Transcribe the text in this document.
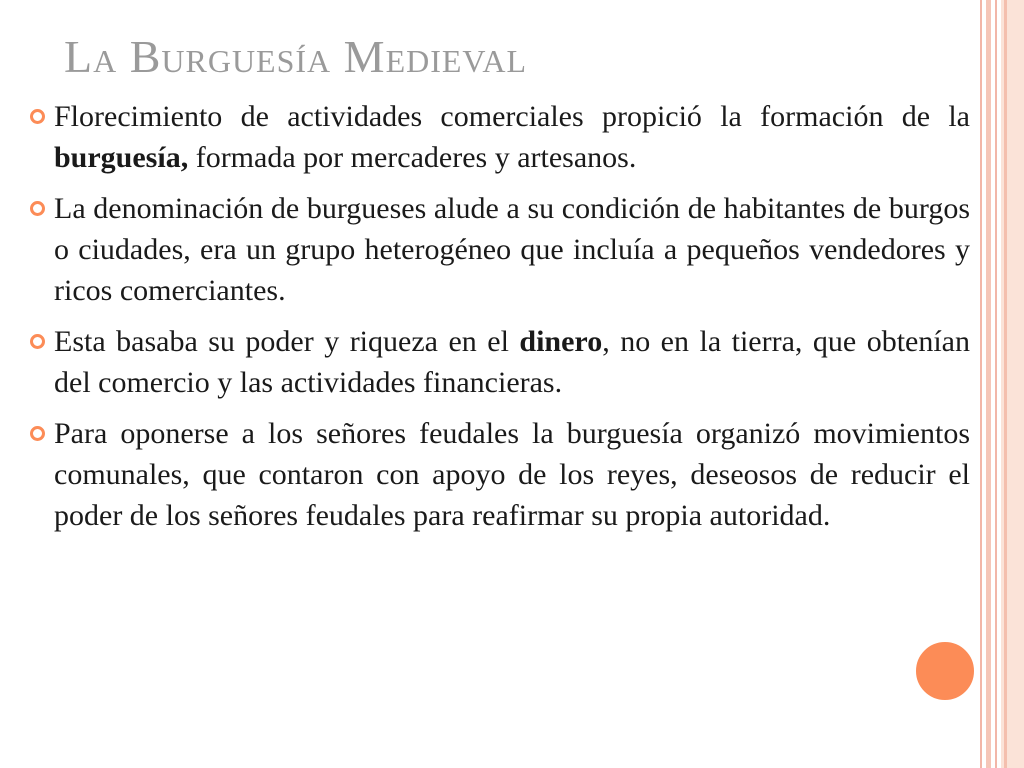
La Burguesía Medieval

Florecimiento de actividades comerciales propició la formación de la burguesía, formada por mercaderes y artesanos.

La denominación de burgueses alude a su condición de habitantes de burgos o ciudades, era un grupo heterogéneo que incluía a pequeños vendedores y ricos comerciantes.

Esta basaba su poder y riqueza en el dinero, no en la tierra, que obtenían del comercio y las actividades financieras.

Para oponerse a los señores feudales la burguesía organizó movimientos comunales, que contaron con apoyo de los reyes, deseosos de reducir el poder de los señores feudales para reafirmar su propia autoridad.
